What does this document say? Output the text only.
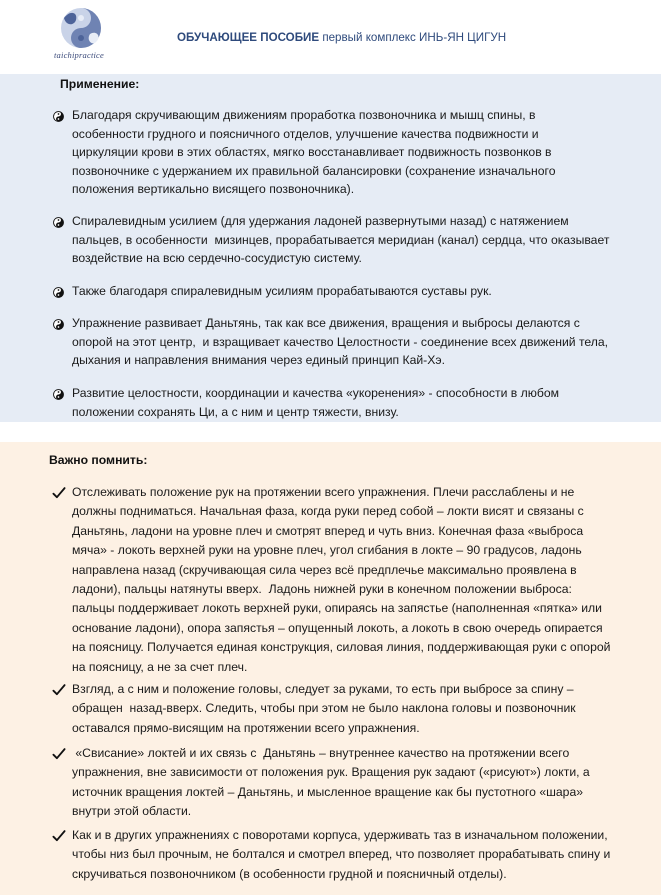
taichipractice
ОБУЧАЮЩЕЕ ПОСОБИЕ первый комплекс ИНЬ-ЯН ЦИГУН
Применение:
Благодаря скручивающим движениям проработка позвоночника и мышц спины, в
особенности грудного и поясничного отделов, улучшение качества подвижности и
циркуляции крови в этих областях, мягко восстанавливает подвижность позвонков в
позвоночнике с удержанием их правильной балансировки (сохранение изначального
положения вертикально висящего позвоночника).
Спиралевидным усилием (для удержания ладоней развернутыми назад) с натяжением
пальцев, в особенности  мизинцев, прорабатывается меридиан (канал) сердца, что оказывает
воздействие на всю сердечно-сосудистую систему.
Также благодаря спиралевидным усилиям прорабатываются суставы рук.
Упражнение развивает Даньтянь, так как все движения, вращения и выбросы делаются с
опорой на этот центр,  и взращивает качество Целостности - соединение всех движений тела,
дыхания и направления внимания через единый принцип Кай-Хэ.
Развитие целостности, координации и качества «укоренения» - способности в любом
положении сохранять Ци, а с ним и центр тяжести, внизу.
Важно помнить:
Отслеживать положение рук на протяжении всего упражнения. Плечи расслаблены и не
должны подниматься. Начальная фаза, когда руки перед собой – локти висят и связаны с
Даньтянь, ладони на уровне плеч и смотрят вперед и чуть вниз. Конечная фаза «выброса
мяча» - локоть верхней руки на уровне плеч, угол сгибания в локте – 90 градусов, ладонь
направлена назад (скручивающая сила через всё предплечье максимально проявлена в
ладони), пальцы натянуты вверх.  Ладонь нижней руки в конечном положении выброса:
пальцы поддерживает локоть верхней руки, опираясь на запястье (наполненная «пятка» или
основание ладони), опора запястья – опущенный локоть, а локоть в свою очередь опирается
на поясницу. Получается единая конструкция, силовая линия, поддерживающая руки с опорой
на поясницу, а не за счет плеч.
Взгляд, а с ним и положение головы, следует за руками, то есть при выбросе за спину –
обращен  назад-вверх. Следить, чтобы при этом не было наклона головы и позвоночник
оставался прямо-висящим на протяжении всего упражнения.
«Свисание» локтей и их связь с  Даньтянь – внутреннее качество на протяжении всего
упражнения, вне зависимости от положения рук. Вращения рук задают («рисуют») локти, а
источник вращения локтей – Даньтянь, и мысленное вращение как бы пустотного «шара»
внутри этой области.
Как и в других упражнениях с поворотами корпуса, удерживать таз в изначальном положении,
чтобы низ был прочным, не болтался и смотрел вперед, что позволяет прорабатывать спину и
скручиваться позвоночником (в особенности грудной и поясничный отделы).
